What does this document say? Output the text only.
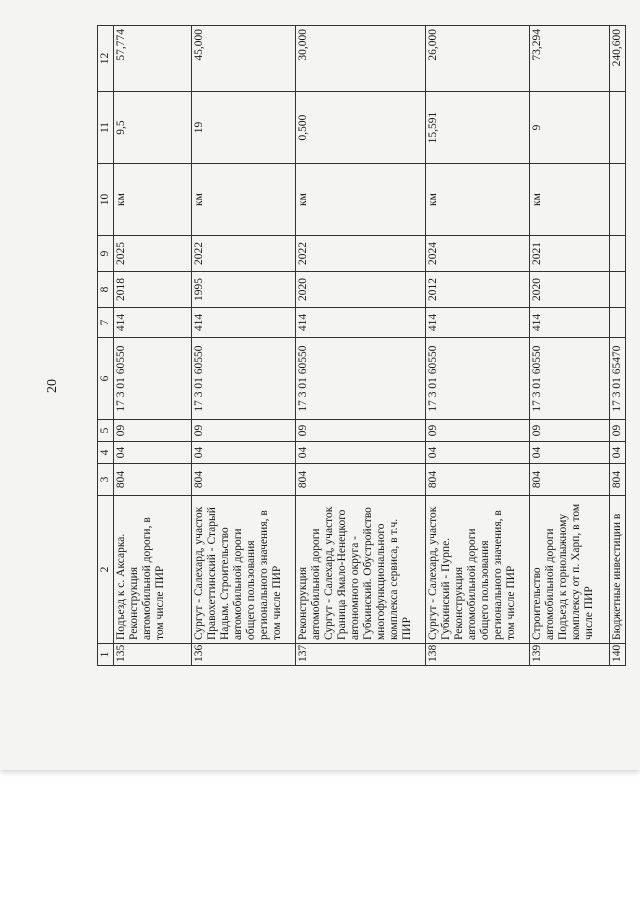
20
1	2	3	4	5	6	7	8	9	10	11	12
135	Подъезд к с. Аксарка. Реконструкция автомобильной дороги, в том числе ПИР	804	04	09	17 3 01 60550	414	2018	2025	км	9,5	57,774
136	Сургут - Салехард, участок Правохеттинский - Старый Надым. Строительство автомобильной дороги общего пользования регионального значения, в том числе ПИР	804	04	09	17 3 01 60550	414	1995	2022	км	19	45,000
137	Реконструкция автомобильной дороги Сургут - Салехард, участок Граница Ямало-Ненецкого автономного округа - Губкинский. Обустройство многофункционального комплекса сервиса, в т.ч. ПИР	804	04	09	17 3 01 60550	414	2020	2022	км	0,500	30,000
138	Сургут - Салехард, участок Губкинский - Пурпе. Реконструкция автомобильной дороги общего пользования регионального значения, в том числе ПИР	804	04	09	17 3 01 60550	414	2012	2024	км	15,591	26,000
139	Строительство автомобильной дороги Подъезд к горнолыжному комплексу от п. Харп, в том числе ПИР	804	04	09	17 3 01 60550	414	2020	2021	км	9	73,294
140	Бюджетные инвестиции в	804	04	09	17 3 01 65470						240,600
